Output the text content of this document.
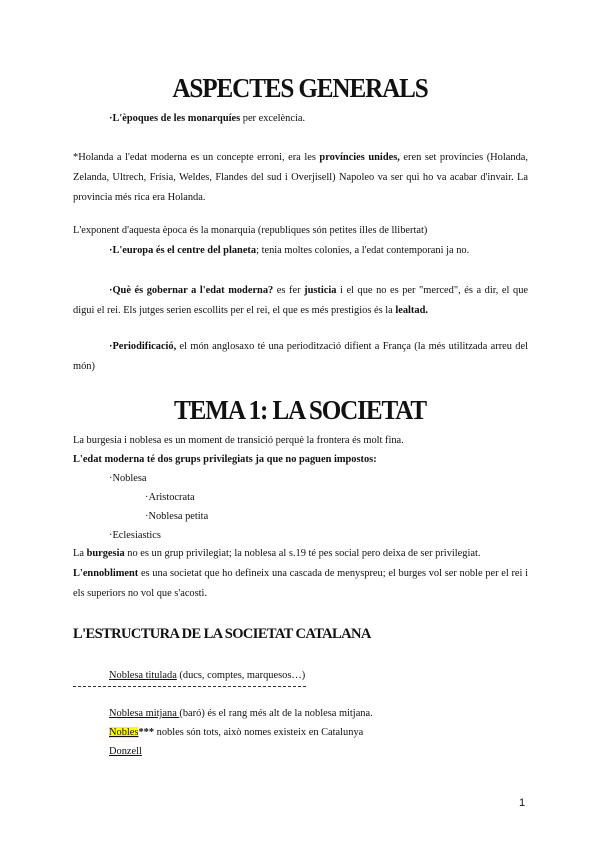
ASPECTES GENERALS
·L'èpoques de les monarquíes per excelència.
*Holanda a l'edat moderna es un concepte erroni, era les províncies unides, eren set províncies (Holanda, Zelanda, Ultrech, Frísia, Weldes, Flandes del sud i Overjisell) Napoleo va ser qui ho va acabar d'invair. La provincia més rica era Holanda.
L'exponent d'aquesta època és la monarquia (republiques són petites illes de llibertat)
·L'europa és el centre del planeta; tenia moltes colonies, a l'edat contemporani ja no.
·Què és gobernar a l'edat moderna? es fer justicia i el que no es per "merced", és a dir, el que digui el rei. Els jutges serien escollits per el rei, el que es més prestigios és la lealtad.
·Periodificació, el món anglosaxo té una periodització difient a França (la més utilitzada arreu del món)
TEMA 1: LA SOCIETAT
La burgesia i noblesa es un moment de transició perquè la frontera és molt fina.
L'edat moderna té dos grups privilegiats ja que no paguen impostos:
·Noblesa
·Aristocrata
·Noblesa petita
·Eclesiastics
La burgesia no es un grup privilegiat; la noblesa al s.19 té pes social pero deixa de ser privilegiat.
L'ennobliment es una societat que ho defineix una cascada de menyspreu; el burges vol ser noble per el rei i els superiors no vol que s'acosti.
L'ESTRUCTURA DE LA SOCIETAT CATALANA
Noblesa titulada (ducs, comptes, marquesos…)
Noblesa mitjana (baró) és el rang més alt de la noblesa mitjana.
Nobles*** nobles són tots, això nomes existeix en Catalunya
Donzell
1
